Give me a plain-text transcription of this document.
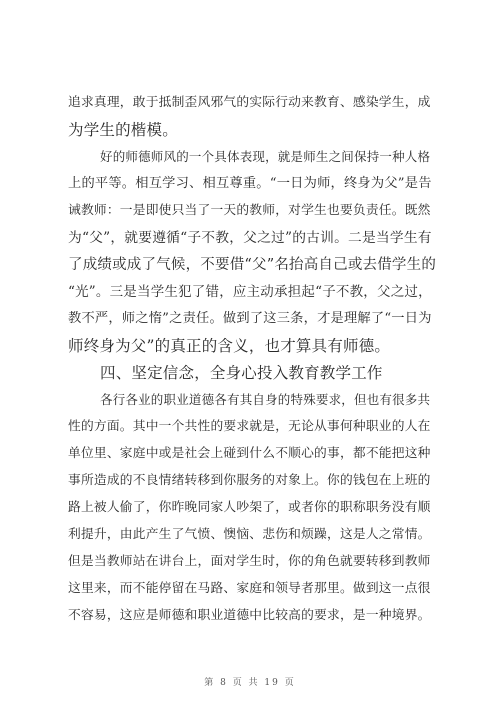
追求真理，敢于抵制歪风邪气的实际行动来教育、感染学生，成
为学生的楷模。
好的师德师风的一个具体表现，就是师生之间保持一种人格
上的平等。相互学习、相互尊重。“一日为师，终身为父”是告
诫教师：一是即使只当了一天的教师，对学生也要负责任。既然
为“父”，就要遵循“子不教，父之过”的古训。二是当学生有
了成绩或成了气候，不要借“父”名抬高自己或去借学生的
“光”。三是当学生犯了错，应主动承担起“子不教，父之过，
教不严，师之惰”之责任。做到了这三条，才是理解了“一日为
师终身为父”的真正的含义，也才算具有师德。
四、坚定信念，全身心投入教育教学工作
各行各业的职业道德各有其自身的特殊要求，但也有很多共
性的方面。其中一个共性的要求就是，无论从事何种职业的人在
单位里、家庭中或是社会上碰到什么不顺心的事，都不能把这种
事所造成的不良情绪转移到你服务的对象上。你的钱包在上班的
路上被人偷了，你昨晚同家人吵架了，或者你的职称职务没有顺
利提升，由此产生了气愤、懊恼、悲伤和烦躁，这是人之常情。
但是当教师站在讲台上，面对学生时，你的角色就要转移到教师
这里来，而不能停留在马路、家庭和领导者那里。做到这一点很
不容易，这应是师德和职业道德中比较高的要求，是一种境界。
第 8 页 共 19 页
